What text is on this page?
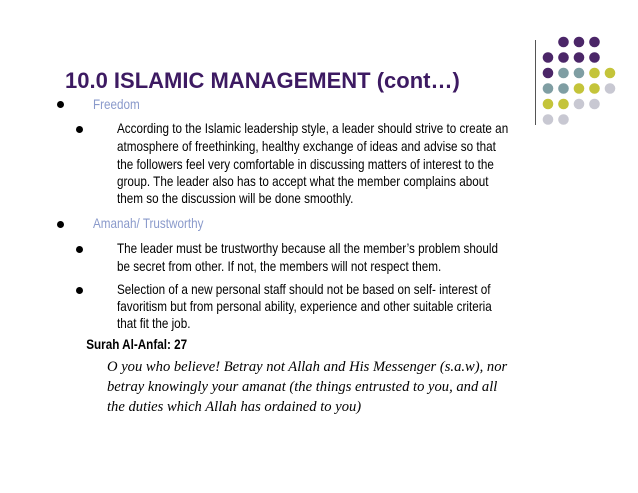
10.0 ISLAMIC MANAGEMENT (cont…)
Freedom
According to the Islamic leadership style, a leader should strive to create an
atmosphere of freethinking, healthy exchange of ideas and advise so that
the followers feel very comfortable in discussing matters of interest to the
group. The leader also has to accept what the member complains about
them so the discussion will be done smoothly.
Amanah/ Trustworthy
The leader must be trustworthy because all the member’s problem should
be secret from other. If not, the members will not respect them.
Selection of a new personal staff should not be based on self- interest of
favoritism but from personal ability, experience and other suitable criteria
that fit the job.
Surah Al-Anfal: 27
O you who believe! Betray not Allah and His Messenger (s.a.w), nor
betray knowingly your amanat (the things entrusted to you, and all
the duties which Allah has ordained to you)
